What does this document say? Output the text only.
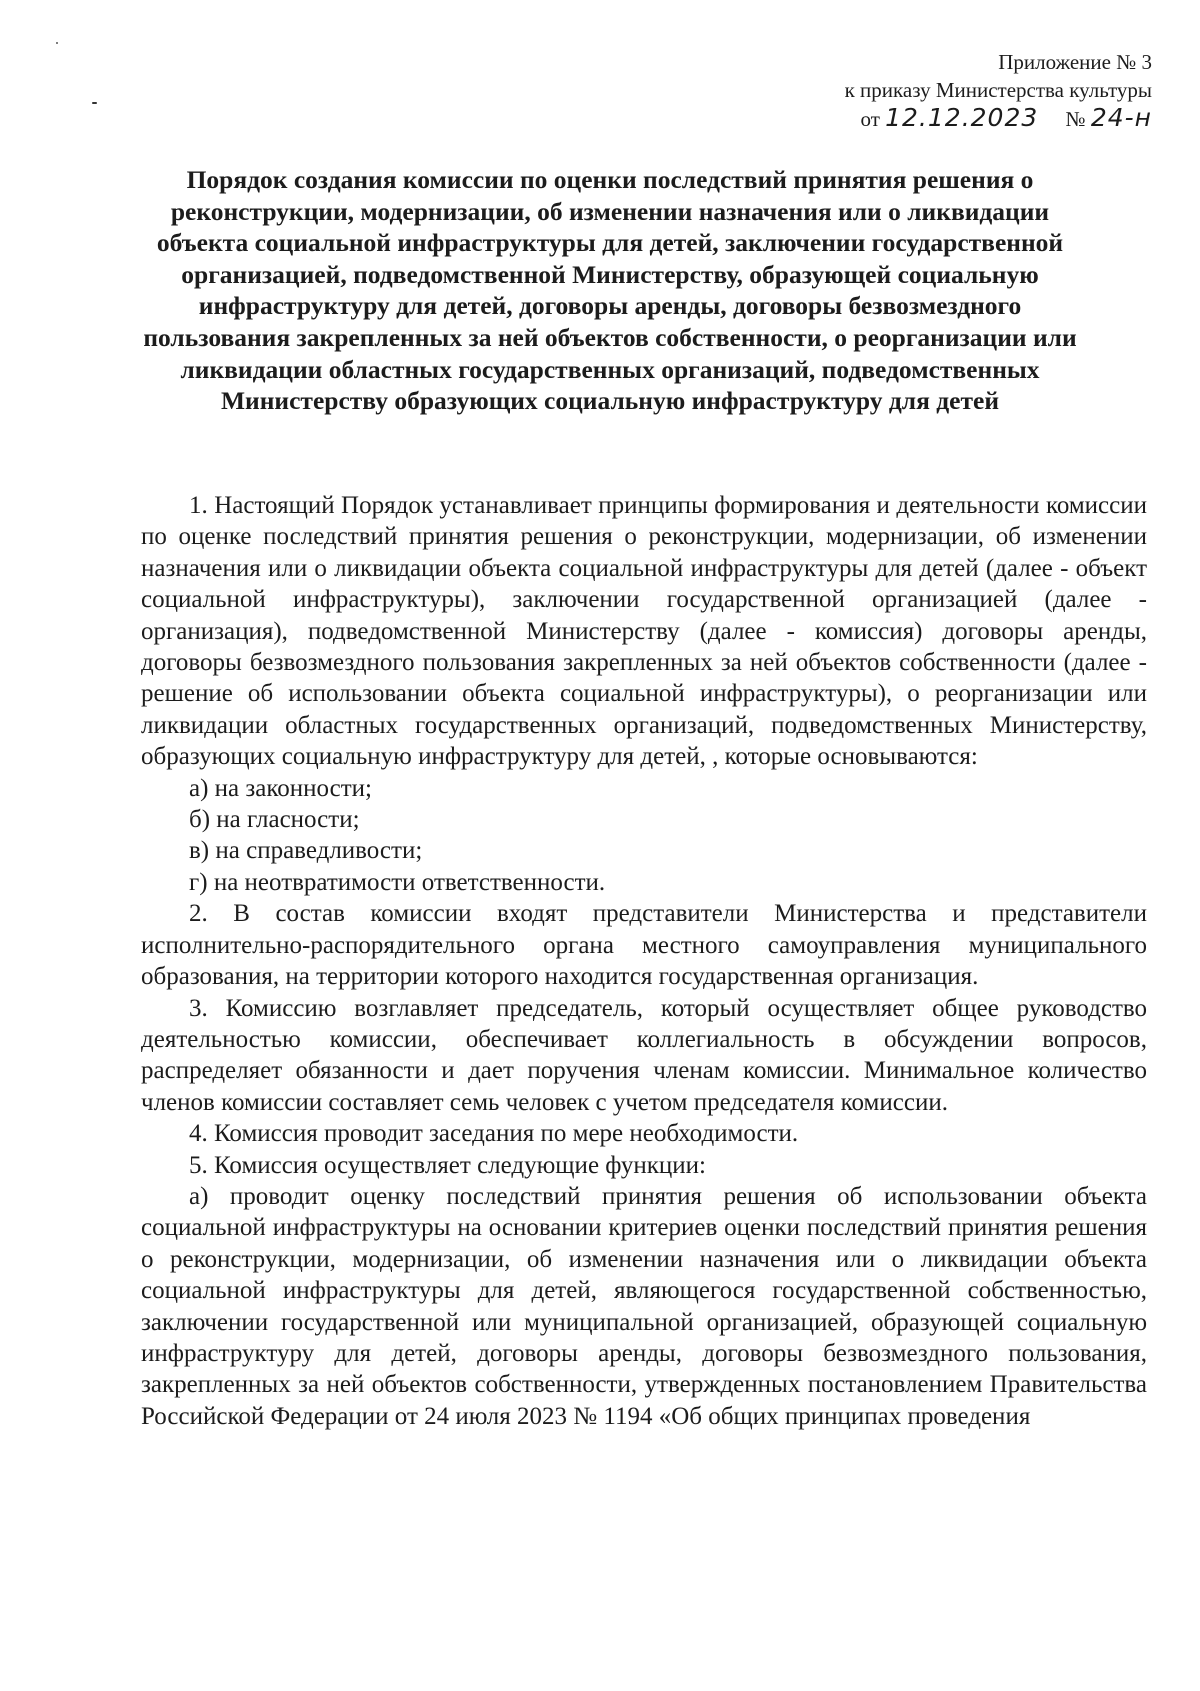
Приложение № 3
к приказу Министерства культуры
от 12.12.2023 № 24-н
Порядок создания комиссии по оценки последствий принятия решения о реконструкции, модернизации, об изменении назначения или о ликвидации объекта социальной инфраструктуры для детей, заключении государственной организацией, подведомственной Министерству, образующей социальную инфраструктуру для детей, договоры аренды, договоры безвозмездного пользования закрепленных за ней объектов собственности, о реорганизации или ликвидации областных государственных организаций, подведомственных Министерству образующих социальную инфраструктуру для детей

1. Настоящий Порядок устанавливает принципы формирования и деятельности комиссии по оценке последствий принятия решения о реконструкции, модернизации, об изменении назначения или о ликвидации объекта социальной инфраструктуры для детей (далее - объект социальной инфраструктуры), заключении государственной организацией (далее - организация), подведомственной Министерству (далее - комиссия) договоры аренды, договоры безвозмездного пользования закрепленных за ней объектов собственности (далее - решение об использовании объекта социальной инфраструктуры), о реорганизации или ликвидации областных государственных организаций, подведомственных Министерству, образующих социальную инфраструктуру для детей, , которые основываются:

а) на законности;

б) на гласности;

в) на справедливости;

г) на неотвратимости ответственности.

2. В состав комиссии входят представители Министерства и представители исполнительно-распорядительного органа местного самоуправления муниципального образования, на территории которого находится государственная организация.

3. Комиссию возглавляет председатель, который осуществляет общее руководство деятельностью комиссии, обеспечивает коллегиальность в обсуждении вопросов, распределяет обязанности и дает поручения членам комиссии. Минимальное количество членов комиссии составляет семь человек с учетом председателя комиссии.

4. Комиссия проводит заседания по мере необходимости.

5. Комиссия осуществляет следующие функции:

а) проводит оценку последствий принятия решения об использовании объекта социальной инфраструктуры на основании критериев оценки последствий принятия решения о реконструкции, модернизации, об изменении назначения или о ликвидации объекта социальной инфраструктуры для детей, являющегося государственной собственностью, заключении государственной или муниципальной организацией, образующей социальную инфраструктуру для детей, договоры аренды, договоры безвозмездного пользования, закрепленных за ней объектов собственности, утвержденных постановлением Правительства Российской Федерации от 24 июля 2023 № 1194 «Об общих принципах проведения
